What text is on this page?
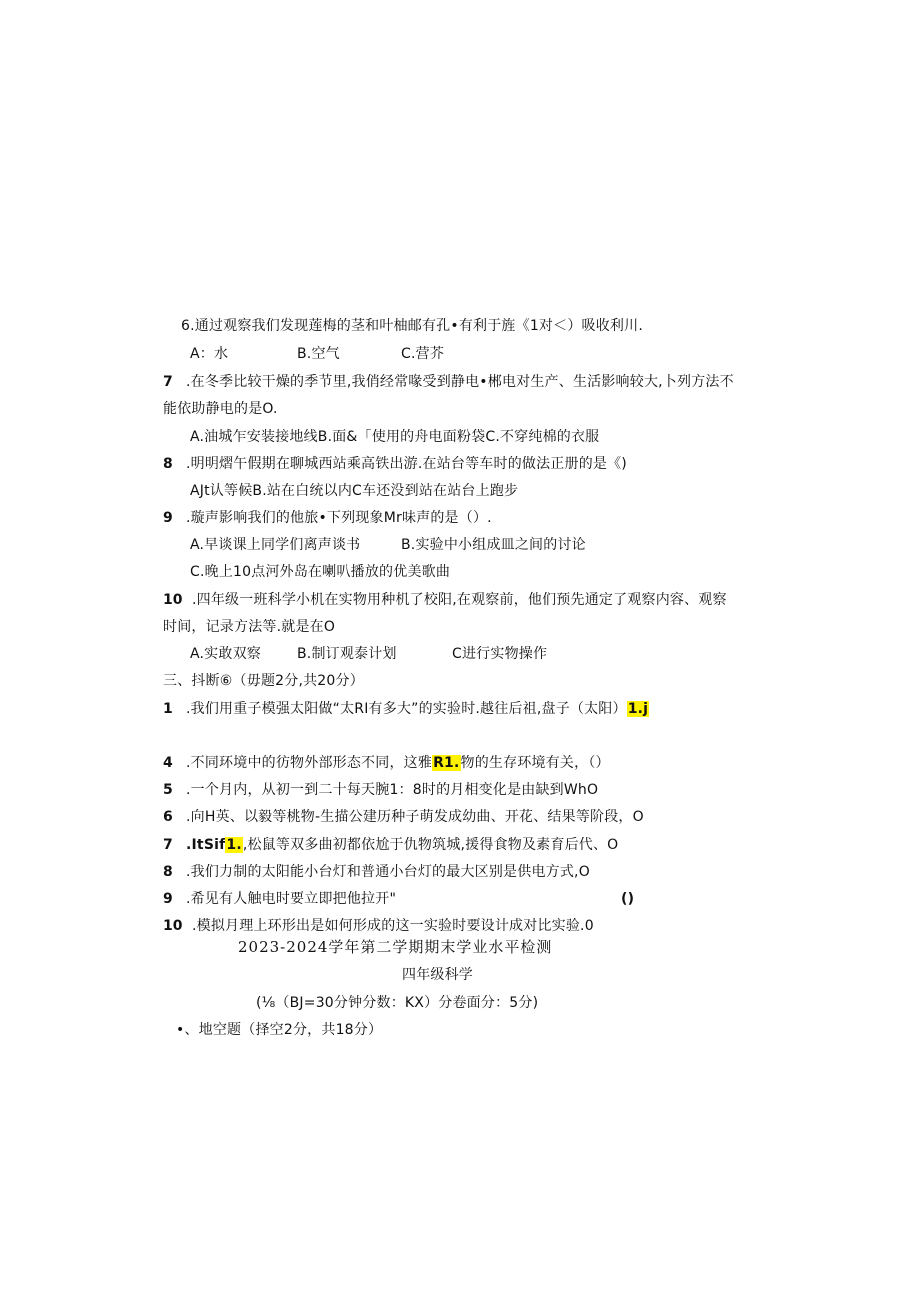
6.通过观察我们发现莲梅的茎和叶柚邮有孔•有利于旌《1对＜）吸收利川.
A：水	B.空气	C.营芥
7 .在冬季比较干燥的季节里,我俏经常喙受到静电•郴电对生产、生活影响较大,卜列方法不
能依助静电的是O.
A.油城乍安装接地线B.面&「使用的舟电面粉袋C.不穿纯棉的衣服
8 .明明熠午假期在聊城西站乘高铁出游.在站台等车时的做法正册的是《)
AJt认等候B.站在白统以内C车还没到站在站台上跑步
9 .璇声影响我们的他旅•下列现象Mr味声的是（）.
A.早谈课上同学们离声谈书	B.实验中小组成皿之间的讨论
C.晚上10点河外岛在喇叭播放的优美歌曲
10 .四年级一班科学小机在实物用种机了校阳,在观察前，他们预先通定了观察内容、观察
时间，记录方法等.就是在O
A.实敢双察	B.制订观泰计划	C进行实物操作
三、抖断⑥（毋题2分,共20分）
1 .我们用重子模强太阳做“太RI有多大”的实验时.越往后祖,盘子（太阳）1.j
4 .不同环境中的彷物外部形态不同，这雅R1.物的生存环境有关，（）
5 .一个月内，从初一到二十每天腕1：8时的月相变化是由缺到WhO
6 .向H英、以毅等桃物-生描公建历种子萌发成幼曲、开花、结果等阶段，O
7 .ItSif1.,松鼠等双多曲初都依尬于仇物筑城,援得食物及素育后代、O
8 .我们力制的太阳能小台灯和普通小台灯的最大区别是供电方式,O
9 .希见有人触电时要立即把他拉开"	()
10 .模拟月理上环形出是如何形成的这一实验时要设计成对比实验.0
2023-2024学年第二学期期末学业水平检测
四年级科学
(⅛（BJ=30分钟分数：KX）分卷面分：5分)
•、地空题（择空2分，共18分）
